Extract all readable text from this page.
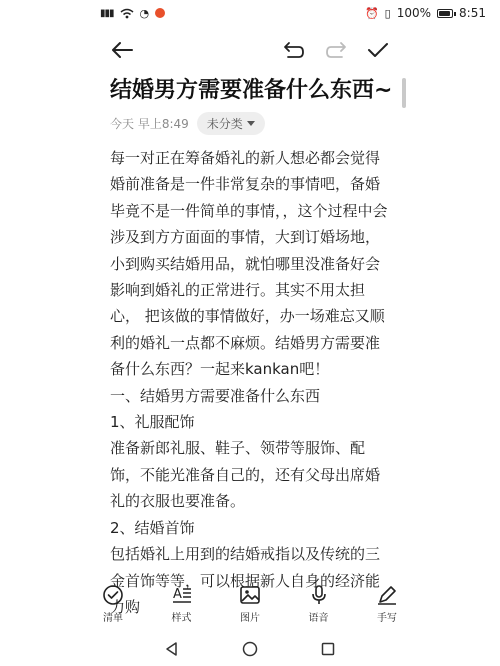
▮▮▮ ◔	⏰ ▯ 100% 8:51
结婚男方需要准备什么东西~
今天 早上8:49 未分类

每一对正在筹备婚礼的新人想必都会觉得婚前准备是一件非常复杂的事情吧，备婚毕竟不是一件简单的事情，，这个过程中会涉及到方方面面的事情，大到订婚场地，小到购买结婚用品，就怕哪里没准备好会影响到婚礼的正常进行。其实不用太担心， 把该做的事情做好，办一场难忘又顺利的婚礼一点都不麻烦。结婚男方需要准备什么东西？一起来kankan吧！

一、结婚男方需要准备什么东西

1、礼服配饰

准备新郎礼服、鞋子、领带等服饰、配饰，不能光准备自己的，还有父母出席婚礼的衣服也要准备。

2、结婚首饰

包括婚礼上用到的结婚戒指以及传统的三金首饰等等，可以根据新人自身的经济能力购

清单
A
样式	图片	语音	手写
